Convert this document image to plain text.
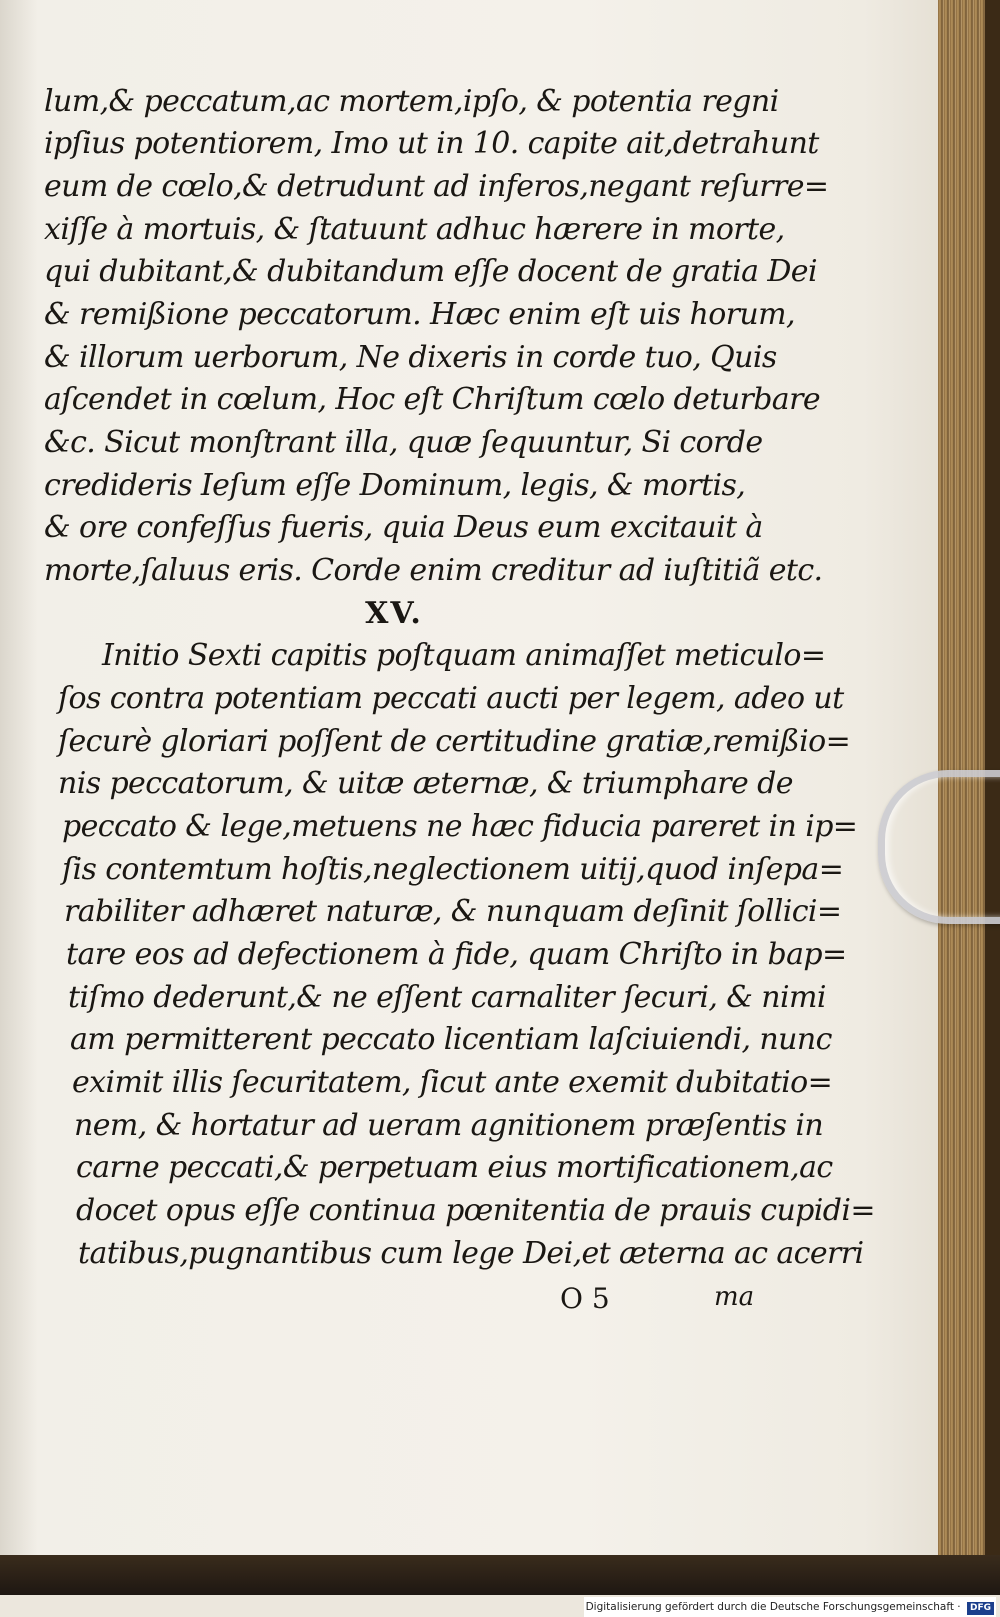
lum,& peccatum,ac mortem,ipſo, & potentia regni
ipſius potentiorem, Imo ut in 10. capite ait,detrahunt
eum de cœlo,& detrudunt ad inferos,negant reſurre=
xiſſe à mortuis, & ſtatuunt adhuc hærere in morte,
qui dubitant,& dubitandum eſſe docent de gratia Dei
& remißione peccatorum. Hæc enim eſt uis horum,
& illorum uerborum, Ne dixeris in corde tuo, Quis
aſcendet in cœlum, Hoc eſt Chriſtum cœlo deturbare
&c. Sicut monſtrant illa, quæ ſequuntur, Si corde
credideris Ieſum eſſe Dominum, legis, & mortis,
& ore confeſſus fueris, quia Deus eum excitauit à
morte,ſaluus eris. Corde enim creditur ad iuſtitiã etc.
XV.
Initio Sexti capitis poſtquam animaſſet meticulo=
ſos contra potentiam peccati aucti per legem, adeo ut
ſecurè gloriari poſſent de certitudine gratiæ,remißio=
nis peccatorum, & uitæ æternæ, & triumphare de
peccato & lege,metuens ne hæc fiducia pareret in ip=
ſis contemtum hoſtis,neglectionem uitij,quod inſepa=
rabiliter adhæret naturæ, & nunquam deſinit ſollici=
tare eos ad defectionem à fide, quam Chriſto in bap=
tiſmo dederunt,& ne eſſent carnaliter ſecuri, & nimi
am permitterent peccato licentiam laſciuiendi, nunc
eximit illis ſecuritatem, ſicut ante exemit dubitatio=
nem, & hortatur ad ueram agnitionem præſentis in
carne peccati,& perpetuam eius mortificationem,ac
docet opus eſſe continua pœnitentia de prauis cupidi=
tatibus,pugnantibus cum lege Dei,et æterna ac acerri
O 5	ma
Digitalisierung gefördert durch die Deutsche Forschungsgemeinschaft · DFG
